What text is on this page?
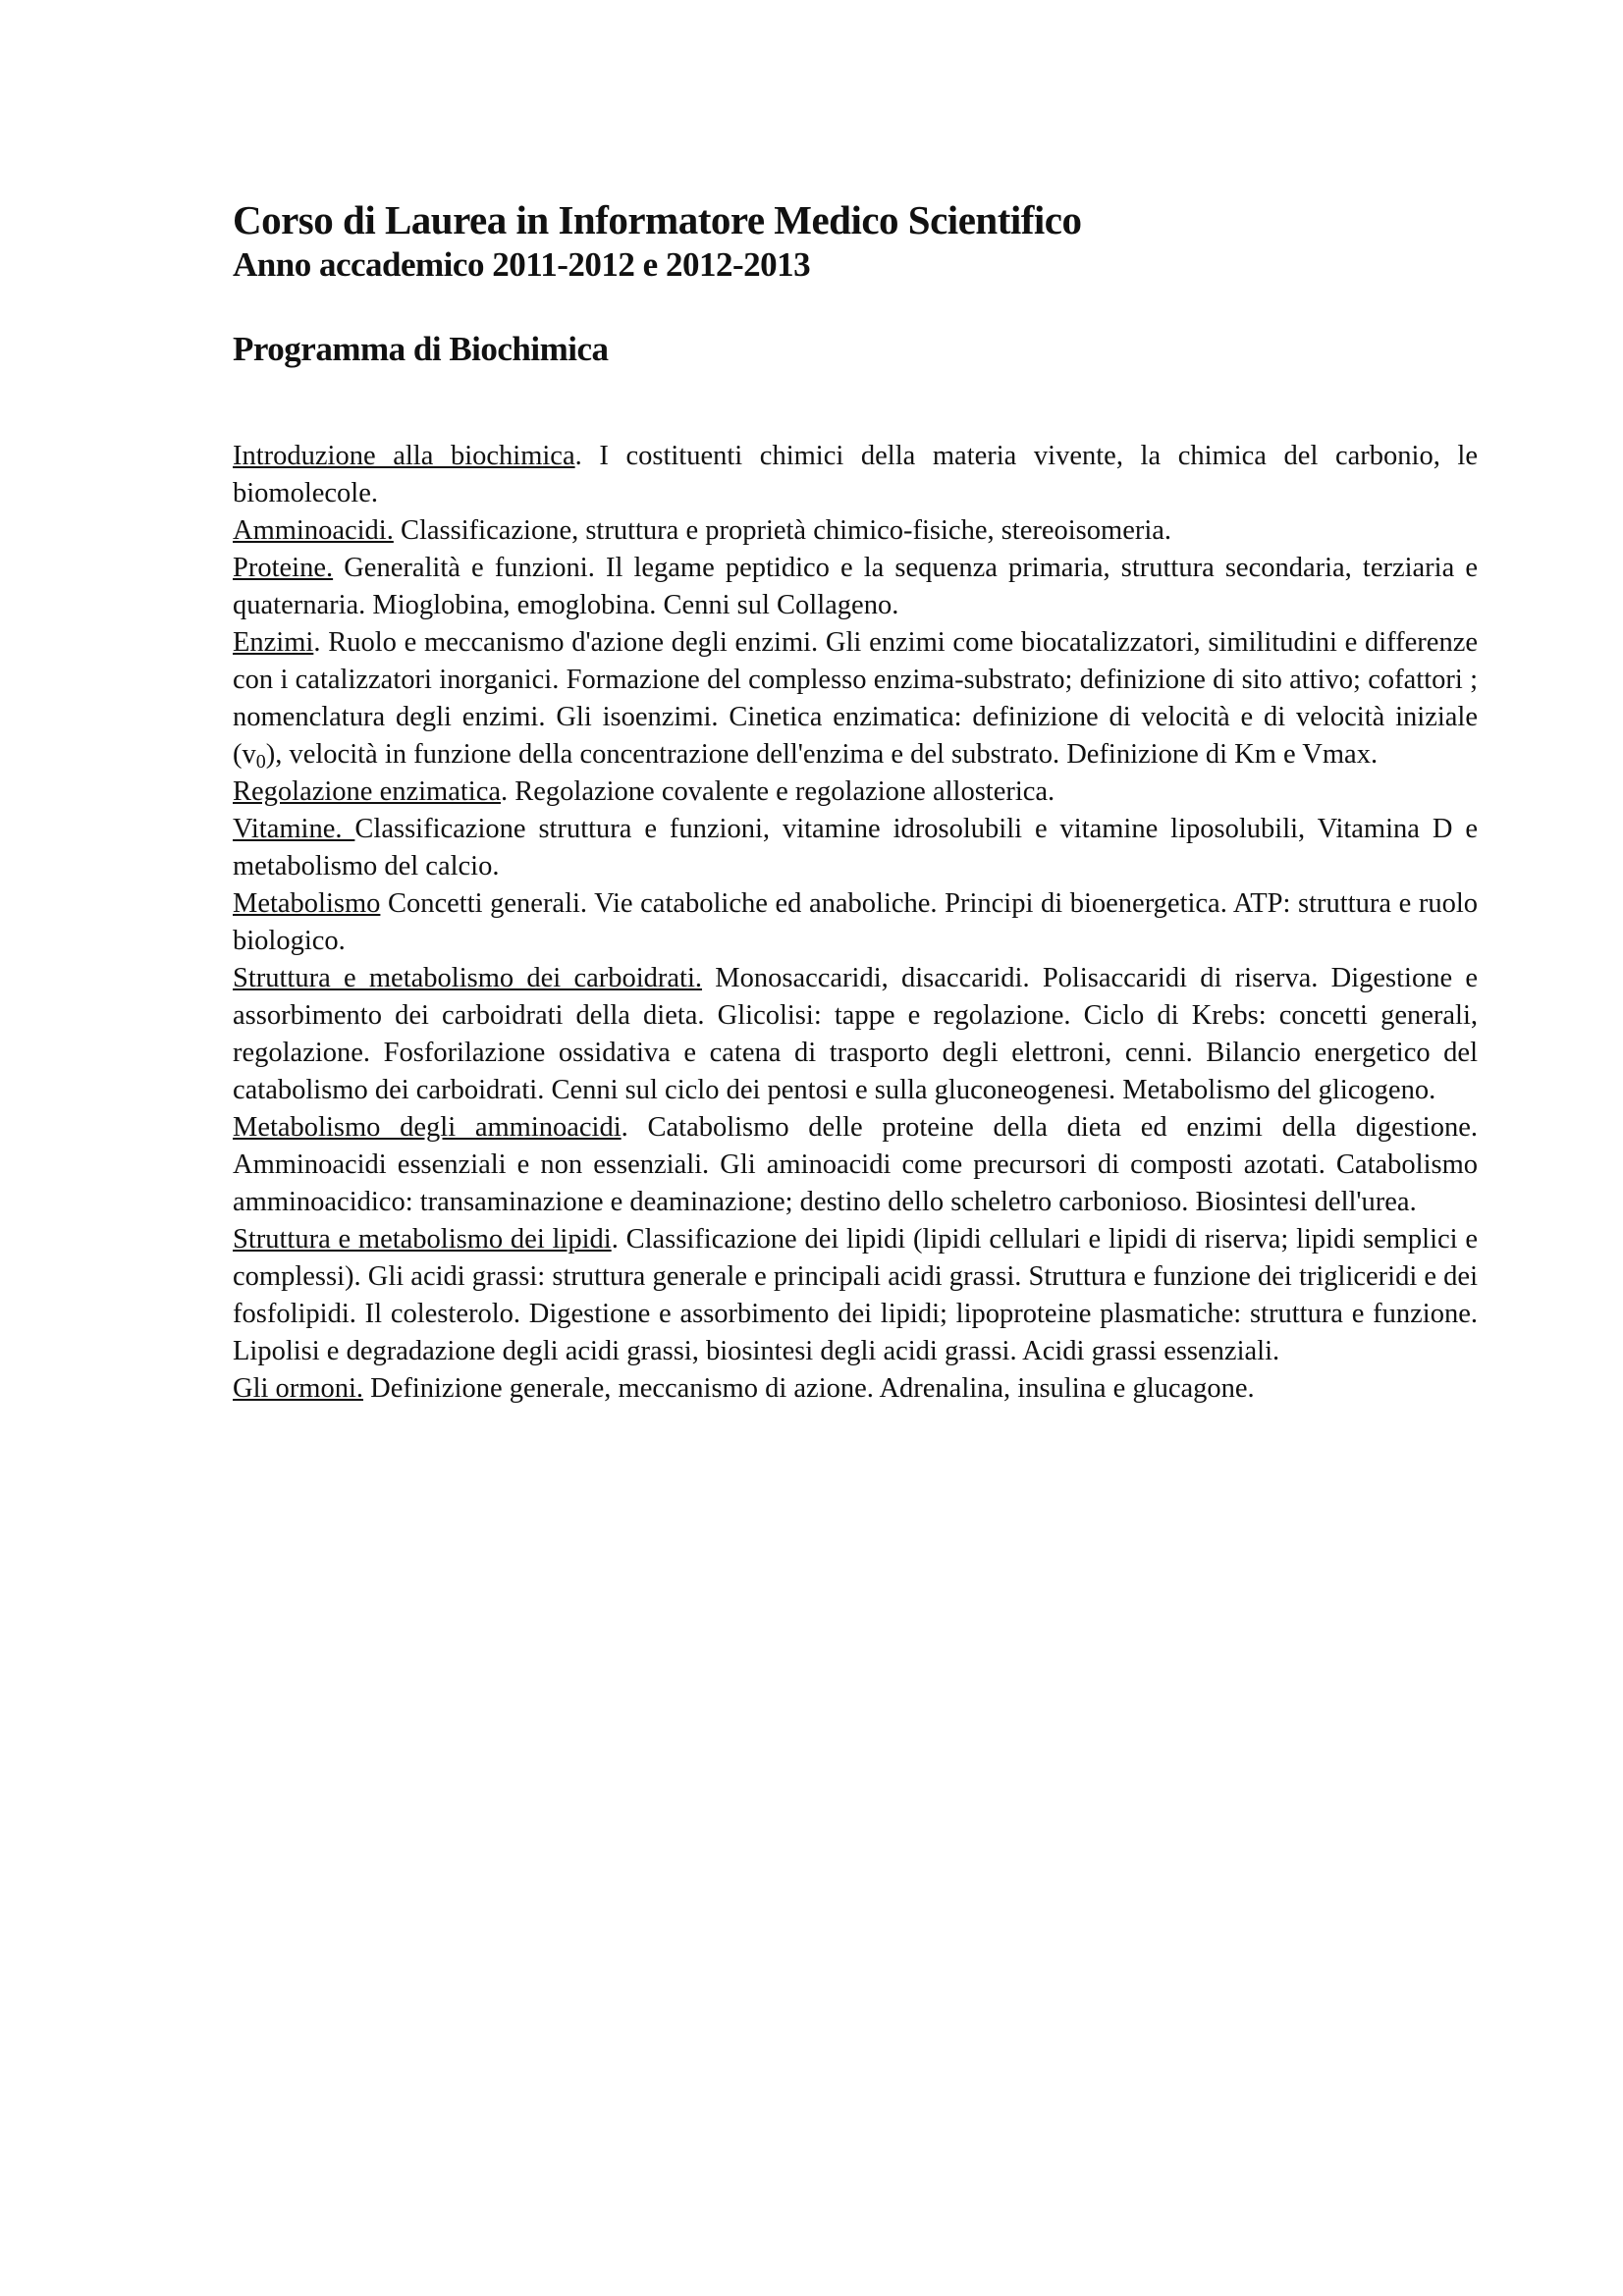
Corso di Laurea in Informatore Medico Scientifico
Anno accademico 2011-2012 e 2012-2013
Programma di Biochimica

Introduzione alla biochimica. I costituenti chimici della materia vivente, la chimica del carbonio, le biomolecole.

Amminoacidi. Classificazione, struttura e proprietà chimico-fisiche, stereoisomeria.

Proteine. Generalità e funzioni. Il legame peptidico e la sequenza primaria, struttura secondaria, terziaria e quaternaria. Mioglobina, emoglobina. Cenni sul Collageno.

Enzimi. Ruolo e meccanismo d'azione degli enzimi. Gli enzimi come biocatalizzatori, similitudini e differenze con i catalizzatori inorganici. Formazione del complesso enzima-substrato; definizione di sito attivo; cofattori ; nomenclatura degli enzimi. Gli isoenzimi. Cinetica enzimatica: definizione di velocità e di velocità iniziale $(v_0)$, velocità in funzione della concentrazione dell'enzima e del substrato. Definizione di Km e Vmax.

Regolazione enzimatica. Regolazione covalente e regolazione allosterica.

Vitamine. Classificazione struttura e funzioni, vitamine idrosolubili e vitamine liposolubili, Vitamina D e metabolismo del calcio.

Metabolismo Concetti generali. Vie cataboliche ed anaboliche. Principi di bioenergetica. ATP: struttura e ruolo biologico.

Struttura e metabolismo dei carboidrati. Monosaccaridi, disaccaridi. Polisaccaridi di riserva. Digestione e assorbimento dei carboidrati della dieta. Glicolisi: tappe e regolazione. Ciclo di Krebs: concetti generali, regolazione. Fosforilazione ossidativa e catena di trasporto degli elettroni, cenni. Bilancio energetico del catabolismo dei carboidrati. Cenni sul ciclo dei pentosi e sulla gluconeogenesi. Metabolismo del glicogeno.

Metabolismo degli amminoacidi. Catabolismo delle proteine della dieta ed enzimi della digestione. Amminoacidi essenziali e non essenziali. Gli aminoacidi come precursori di composti azotati. Catabolismo amminoacidico: transaminazione e deaminazione; destino dello scheletro carbonioso. Biosintesi dell'urea.

Struttura e metabolismo dei lipidi. Classificazione dei lipidi (lipidi cellulari e lipidi di riserva; lipidi semplici e complessi). Gli acidi grassi: struttura generale e principali acidi grassi. Struttura e funzione dei trigliceridi e dei fosfolipidi. Il colesterolo. Digestione e assorbimento dei lipidi; lipoproteine plasmatiche: struttura e funzione. Lipolisi e degradazione degli acidi grassi, biosintesi degli acidi grassi. Acidi grassi essenziali.

Gli ormoni. Definizione generale, meccanismo di azione. Adrenalina, insulina e glucagone.
